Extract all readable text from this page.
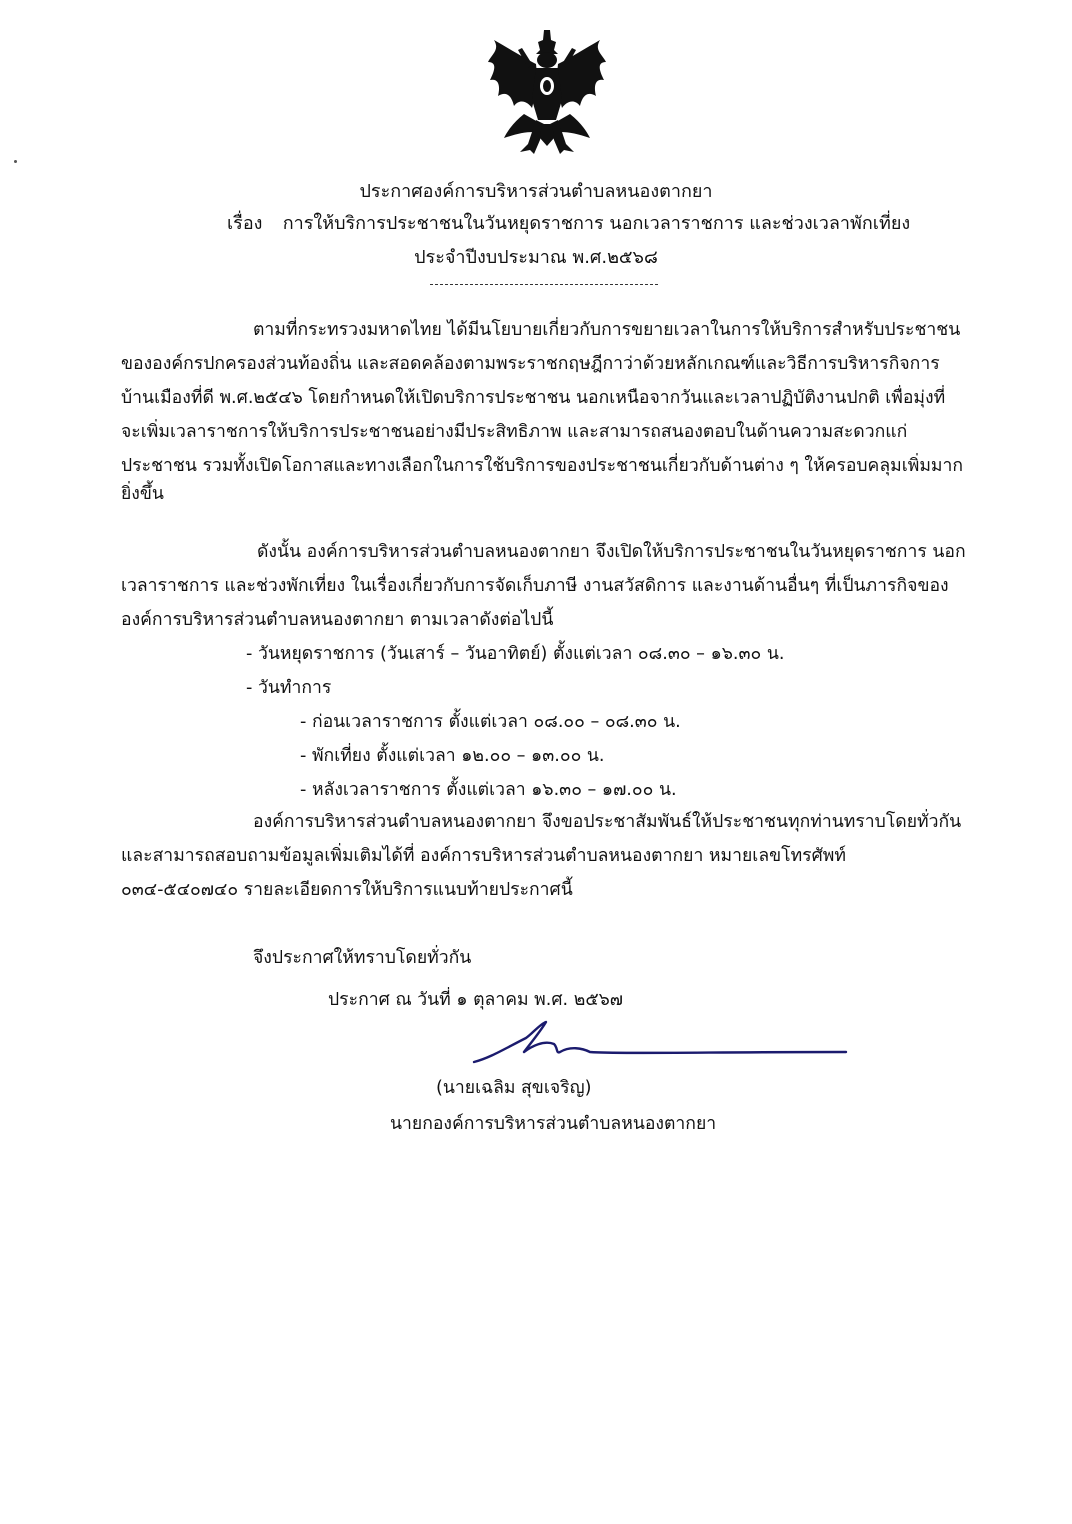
ประกาศองค์การบริหารส่วนตำบลหนองตากยา
เรื่อง การให้บริการประชาชนในวันหยุดราชการ นอกเวลาราชการ และช่วงเวลาพักเที่ยง
ประจำปีงบประมาณ พ.ศ.๒๕๖๘
ตามที่กระทรวงมหาดไทย ได้มีนโยบายเกี่ยวกับการขยายเวลาในการให้บริการสำหรับประชาชน
ขององค์กรปกครองส่วนท้องถิ่น และสอดคล้องตามพระราชกฤษฎีกาว่าด้วยหลักเกณฑ์และวิธีการบริหารกิจการ
บ้านเมืองที่ดี พ.ศ.๒๕๔๖ โดยกำหนดให้เปิดบริการประชาชน นอกเหนือจากวันและเวลาปฏิบัติงานปกติ เพื่อมุ่งที่
จะเพิ่มเวลาราชการให้บริการประชาชนอย่างมีประสิทธิภาพ และสามารถสนองตอบในด้านความสะดวกแก่
ประชาชน รวมทั้งเปิดโอกาสและทางเลือกในการใช้บริการของประชาชนเกี่ยวกับด้านต่าง ๆ ให้ครอบคลุมเพิ่มมาก
ยิ่งขึ้น
ดังนั้น องค์การบริหารส่วนตำบลหนองตากยา จึงเปิดให้บริการประชาชนในวันหยุดราชการ นอก
เวลาราชการ และช่วงพักเที่ยง ในเรื่องเกี่ยวกับการจัดเก็บภาษี งานสวัสดิการ และงานด้านอื่นๆ ที่เป็นภารกิจของ
องค์การบริหารส่วนตำบลหนองตากยา ตามเวลาดังต่อไปนี้
- วันหยุดราชการ (วันเสาร์ – วันอาทิตย์) ตั้งแต่เวลา ๐๘.๓๐ – ๑๖.๓๐ น.
- วันทำการ
- ก่อนเวลาราชการ ตั้งแต่เวลา ๐๘.๐๐ – ๐๘.๓๐ น.
- พักเที่ยง ตั้งแต่เวลา ๑๒.๐๐ – ๑๓.๐๐ น.
- หลังเวลาราชการ ตั้งแต่เวลา ๑๖.๓๐ – ๑๗.๐๐ น.
องค์การบริหารส่วนตำบลหนองตากยา จึงขอประชาสัมพันธ์ให้ประชาชนทุกท่านทราบโดยทั่วกัน
และสามารถสอบถามข้อมูลเพิ่มเติมได้ที่ องค์การบริหารส่วนตำบลหนองตากยา หมายเลขโทรศัพท์
๐๓๔-๕๔๐๗๔๐ รายละเอียดการให้บริการแนบท้ายประกาศนี้
จึงประกาศให้ทราบโดยทั่วกัน
ประกาศ ณ วันที่ ๑ ตุลาคม พ.ศ. ๒๕๖๗
(นายเฉลิม สุขเจริญ)
นายกองค์การบริหารส่วนตำบลหนองตากยา
